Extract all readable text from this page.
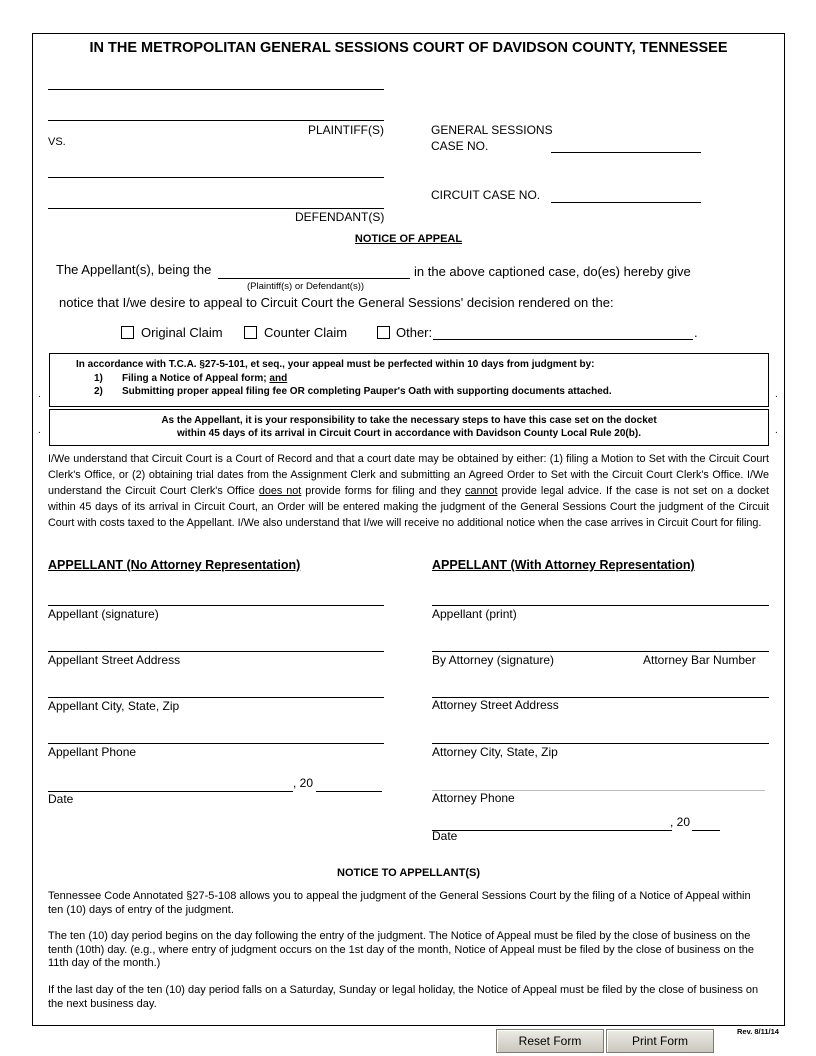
IN THE METROPOLITAN GENERAL SESSIONS COURT OF DAVIDSON COUNTY, TENNESSEE
PLAINTIFF(S)
VS.
GENERAL SESSIONS
CASE NO.
DEFENDANT(S)
CIRCUIT CASE NO.
NOTICE OF APPEAL
The Appellant(s), being the	in the above captioned case, do(es) hereby give
(Plaintiff(s) or Defendant(s))
notice that I/we desire to appeal to Circuit Court the General Sessions' decision rendered on the:
Original Claim	Counter Claim	Other:	.
In accordance with T.C.A. §27-5-101, et seq., your appeal must be perfected within 10 days from judgment by:
1) Filing a Notice of Appeal form; and
2) Submitting proper appeal filing fee OR completing Pauper's Oath with supporting documents attached.
.	.
As the Appellant, it is your responsibility to take the necessary steps to have this case set on the docket
within 45 days of its arrival in Circuit Court in accordance with Davidson County Local Rule 20(b).
.	.
I/We understand that Circuit Court is a Court of Record and that a court date may be obtained by either: (1) filing a Motion to Set with the Circuit Court Clerk's Office, or (2) obtaining trial dates from the Assignment Clerk and submitting an Agreed Order to Set with the Circuit Court Clerk's Office. I/We understand the Circuit Court Clerk's Office does not provide forms for filing and they cannot provide legal advice. If the case is not set on a docket within 45 days of its arrival in Circuit Court, an Order will be entered making the judgment of the General Sessions Court the judgment of the Circuit Court with costs taxed to the Appellant. I/We also understand that I/we will receive no additional notice when the case arrives in Circuit Court for filing.
APPELLANT (No Attorney Representation)
Appellant (signature)
Appellant Street Address
Appellant City, State, Zip
Appellant Phone
, 20
Date
APPELLANT (With Attorney Representation)
Appellant (print)
By Attorney (signature)	Attorney Bar Number
Attorney Street Address
Attorney City, State, Zip
Attorney Phone
, 20
Date
NOTICE TO APPELLANT(S)
Tennessee Code Annotated §27-5-108 allows you to appeal the judgment of the General Sessions Court by the filing of a Notice of Appeal within ten (10) days of entry of the judgment.
The ten (10) day period begins on the day following the entry of the judgment. The Notice of Appeal must be filed by the close of business on the tenth (10th) day. (e.g., where entry of judgment occurs on the 1st day of the month, Notice of Appeal must be filed by the close of business on the 11th day of the month.)
If the last day of the ten (10) day period falls on a Saturday, Sunday or legal holiday, the Notice of Appeal must be filed by the close of business on the next business day.
Reset Form	Print Form
Rev. 8/11/14
